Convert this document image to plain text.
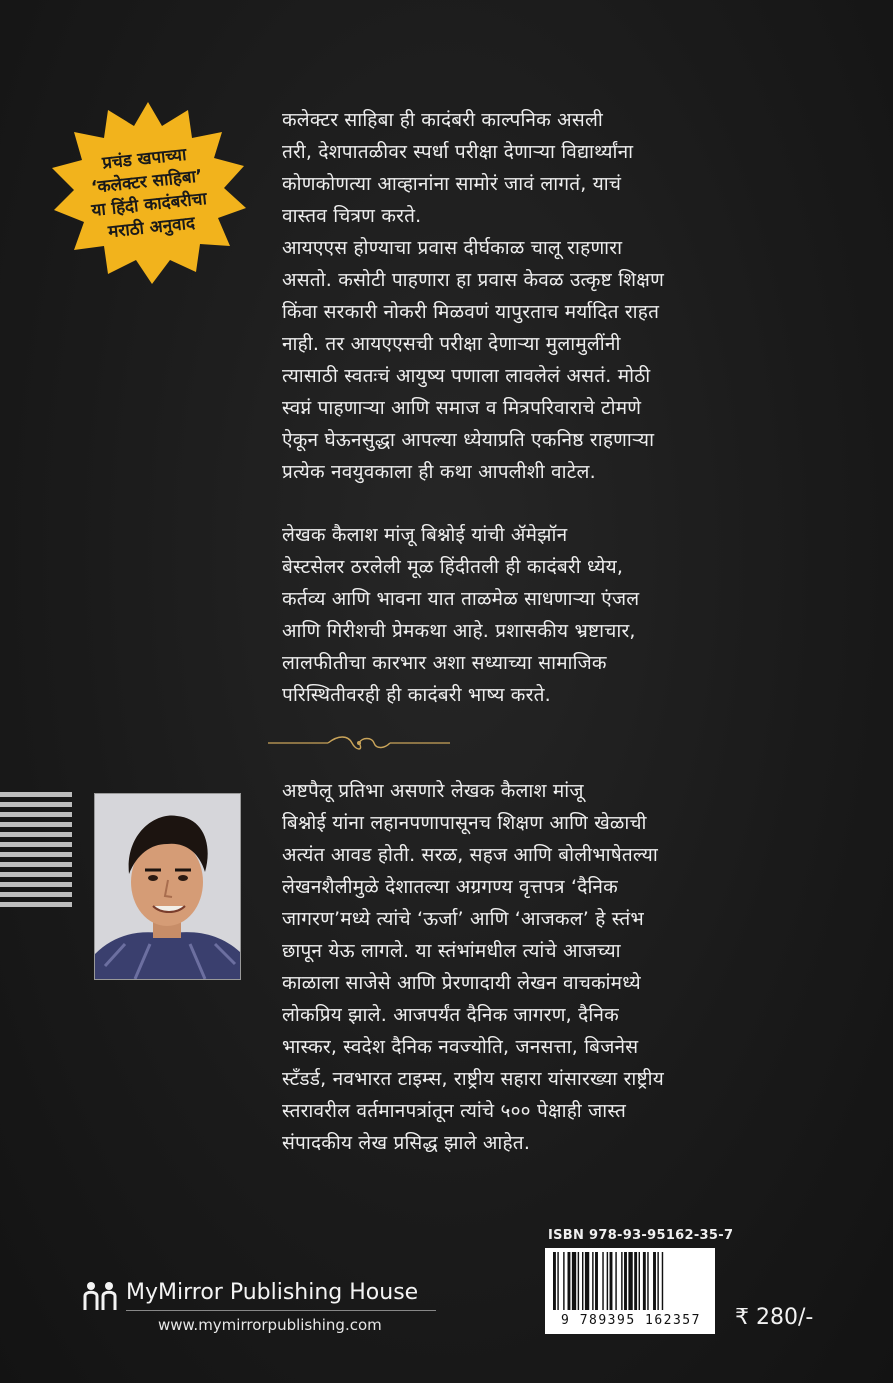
प्रचंड खपाच्या
‘कलेक्टर साहिबा’
या हिंदी कादंबरीचा
मराठी अनुवाद
कलेक्टर साहिबा ही कादंबरी काल्पनिक असली
तरी, देशपातळीवर स्पर्धा परीक्षा देणाऱ्या विद्यार्थ्यांना
कोणकोणत्या आव्हानांना सामोरं जावं लागतं, याचं
वास्तव चित्रण करते.
आयएएस होण्याचा प्रवास दीर्घकाळ चालू राहणारा
असतो. कसोटी पाहणारा हा प्रवास केवळ उत्कृष्ट शिक्षण
किंवा सरकारी नोकरी मिळवणं यापुरताच मर्यादित राहत
नाही. तर आयएएसची परीक्षा देणाऱ्या मुलामुलींनी
त्यासाठी स्वतःचं आयुष्य पणाला लावलेलं असतं. मोठी
स्वप्नं पाहणाऱ्या आणि समाज व मित्रपरिवाराचे टोमणे
ऐकून घेऊनसुद्धा आपल्या ध्येयाप्रति एकनिष्ठ राहणाऱ्या
प्रत्येक नवयुवकाला ही कथा आपलीशी वाटेल.
लेखक कैलाश मांजू बिश्नोई यांची ॲमेझॉन
बेस्टसेलर ठरलेली मूळ हिंदीतली ही कादंबरी ध्येय,
कर्तव्य आणि भावना यात ताळमेळ साधणाऱ्या एंजल
आणि गिरीशची प्रेमकथा आहे. प्रशासकीय भ्रष्टाचार,
लालफीतीचा कारभार अशा सध्याच्या सामाजिक
परिस्थितीवरही ही कादंबरी भाष्य करते.
अष्टपैलू प्रतिभा असणारे लेखक कैलाश मांजू
बिश्नोई यांना लहानपणापासूनच शिक्षण आणि खेळाची
अत्यंत आवड होती. सरळ, सहज आणि बोलीभाषेतल्या
लेखनशैलीमुळे देशातल्या अग्रगण्य वृत्तपत्र ‘दैनिक
जागरण’मध्ये त्यांचे ‘ऊर्जा’ आणि ‘आजकल’ हे स्तंभ
छापून येऊ लागले. या स्तंभांमधील त्यांचे आजच्या
काळाला साजेसे आणि प्रेरणादायी लेखन वाचकांमध्ये
लोकप्रिय झाले. आजपर्यंत दैनिक जागरण, दैनिक
भास्कर, स्वदेश दैनिक नवज्योति, जनसत्ता, बिजनेस
स्टँडर्ड, नवभारत टाइम्स, राष्ट्रीय सहारा यांसारख्या राष्ट्रीय
स्तरावरील वर्तमानपत्रांतून त्यांचे ५०० पेक्षाही जास्त
संपादकीय लेख प्रसिद्ध झाले आहेत.
MyMirror Publishing House
www.mymirrorpublishing.com
ISBN 978-93-95162-35-7
9 789395 162357	₹ 280/-
